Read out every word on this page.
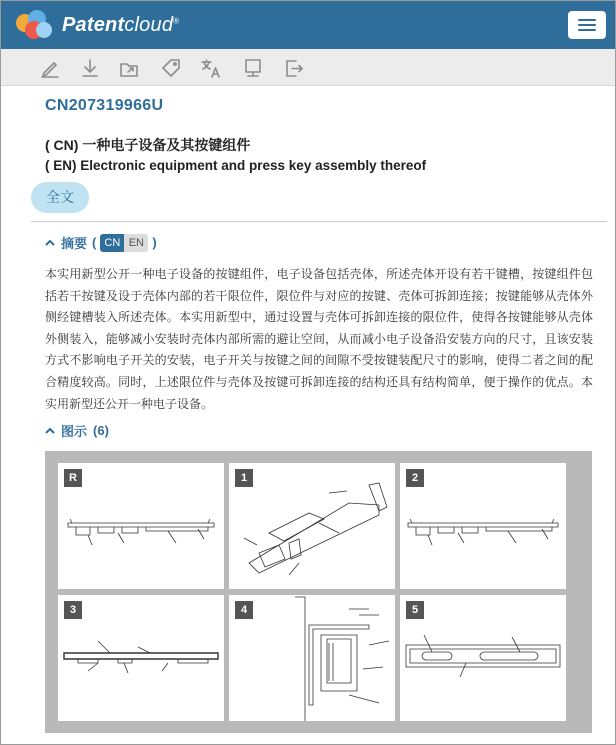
Patentcloud®
CN207319966U
( CN) 一种电子设备及其按键组件
( EN) Electronic equipment and press key assembly thereof
全文
摘要 ( CN EN )
本实用新型公开一种电子设备的按键组件，电子设备包括壳体，所述壳体开设有若干键槽，按键组件包括若干按键及设于壳体内部的若干限位件，限位件与对应的按键、壳体可拆卸连接；按键能够从壳体外侧经键槽装入所述壳体。本实用新型中，通过设置与壳体可拆卸连接的限位件，使得各按键能够从壳体外侧装入，能够减小安装时壳体内部所需的避让空间，从而减小电子设备沿安装方向的尺寸，且该安装方式不影响电子开关的安装，电子开关与按键之间的间隙不受按键装配尺寸的影响，使得二者之间的配合精度较高。同时，上述限位件与壳体及按键可拆卸连接的结构还具有结构简单，便于操作的优点。本实用新型还公开一种电子设备。
图示 (6)
R	1	2
3	4	5
